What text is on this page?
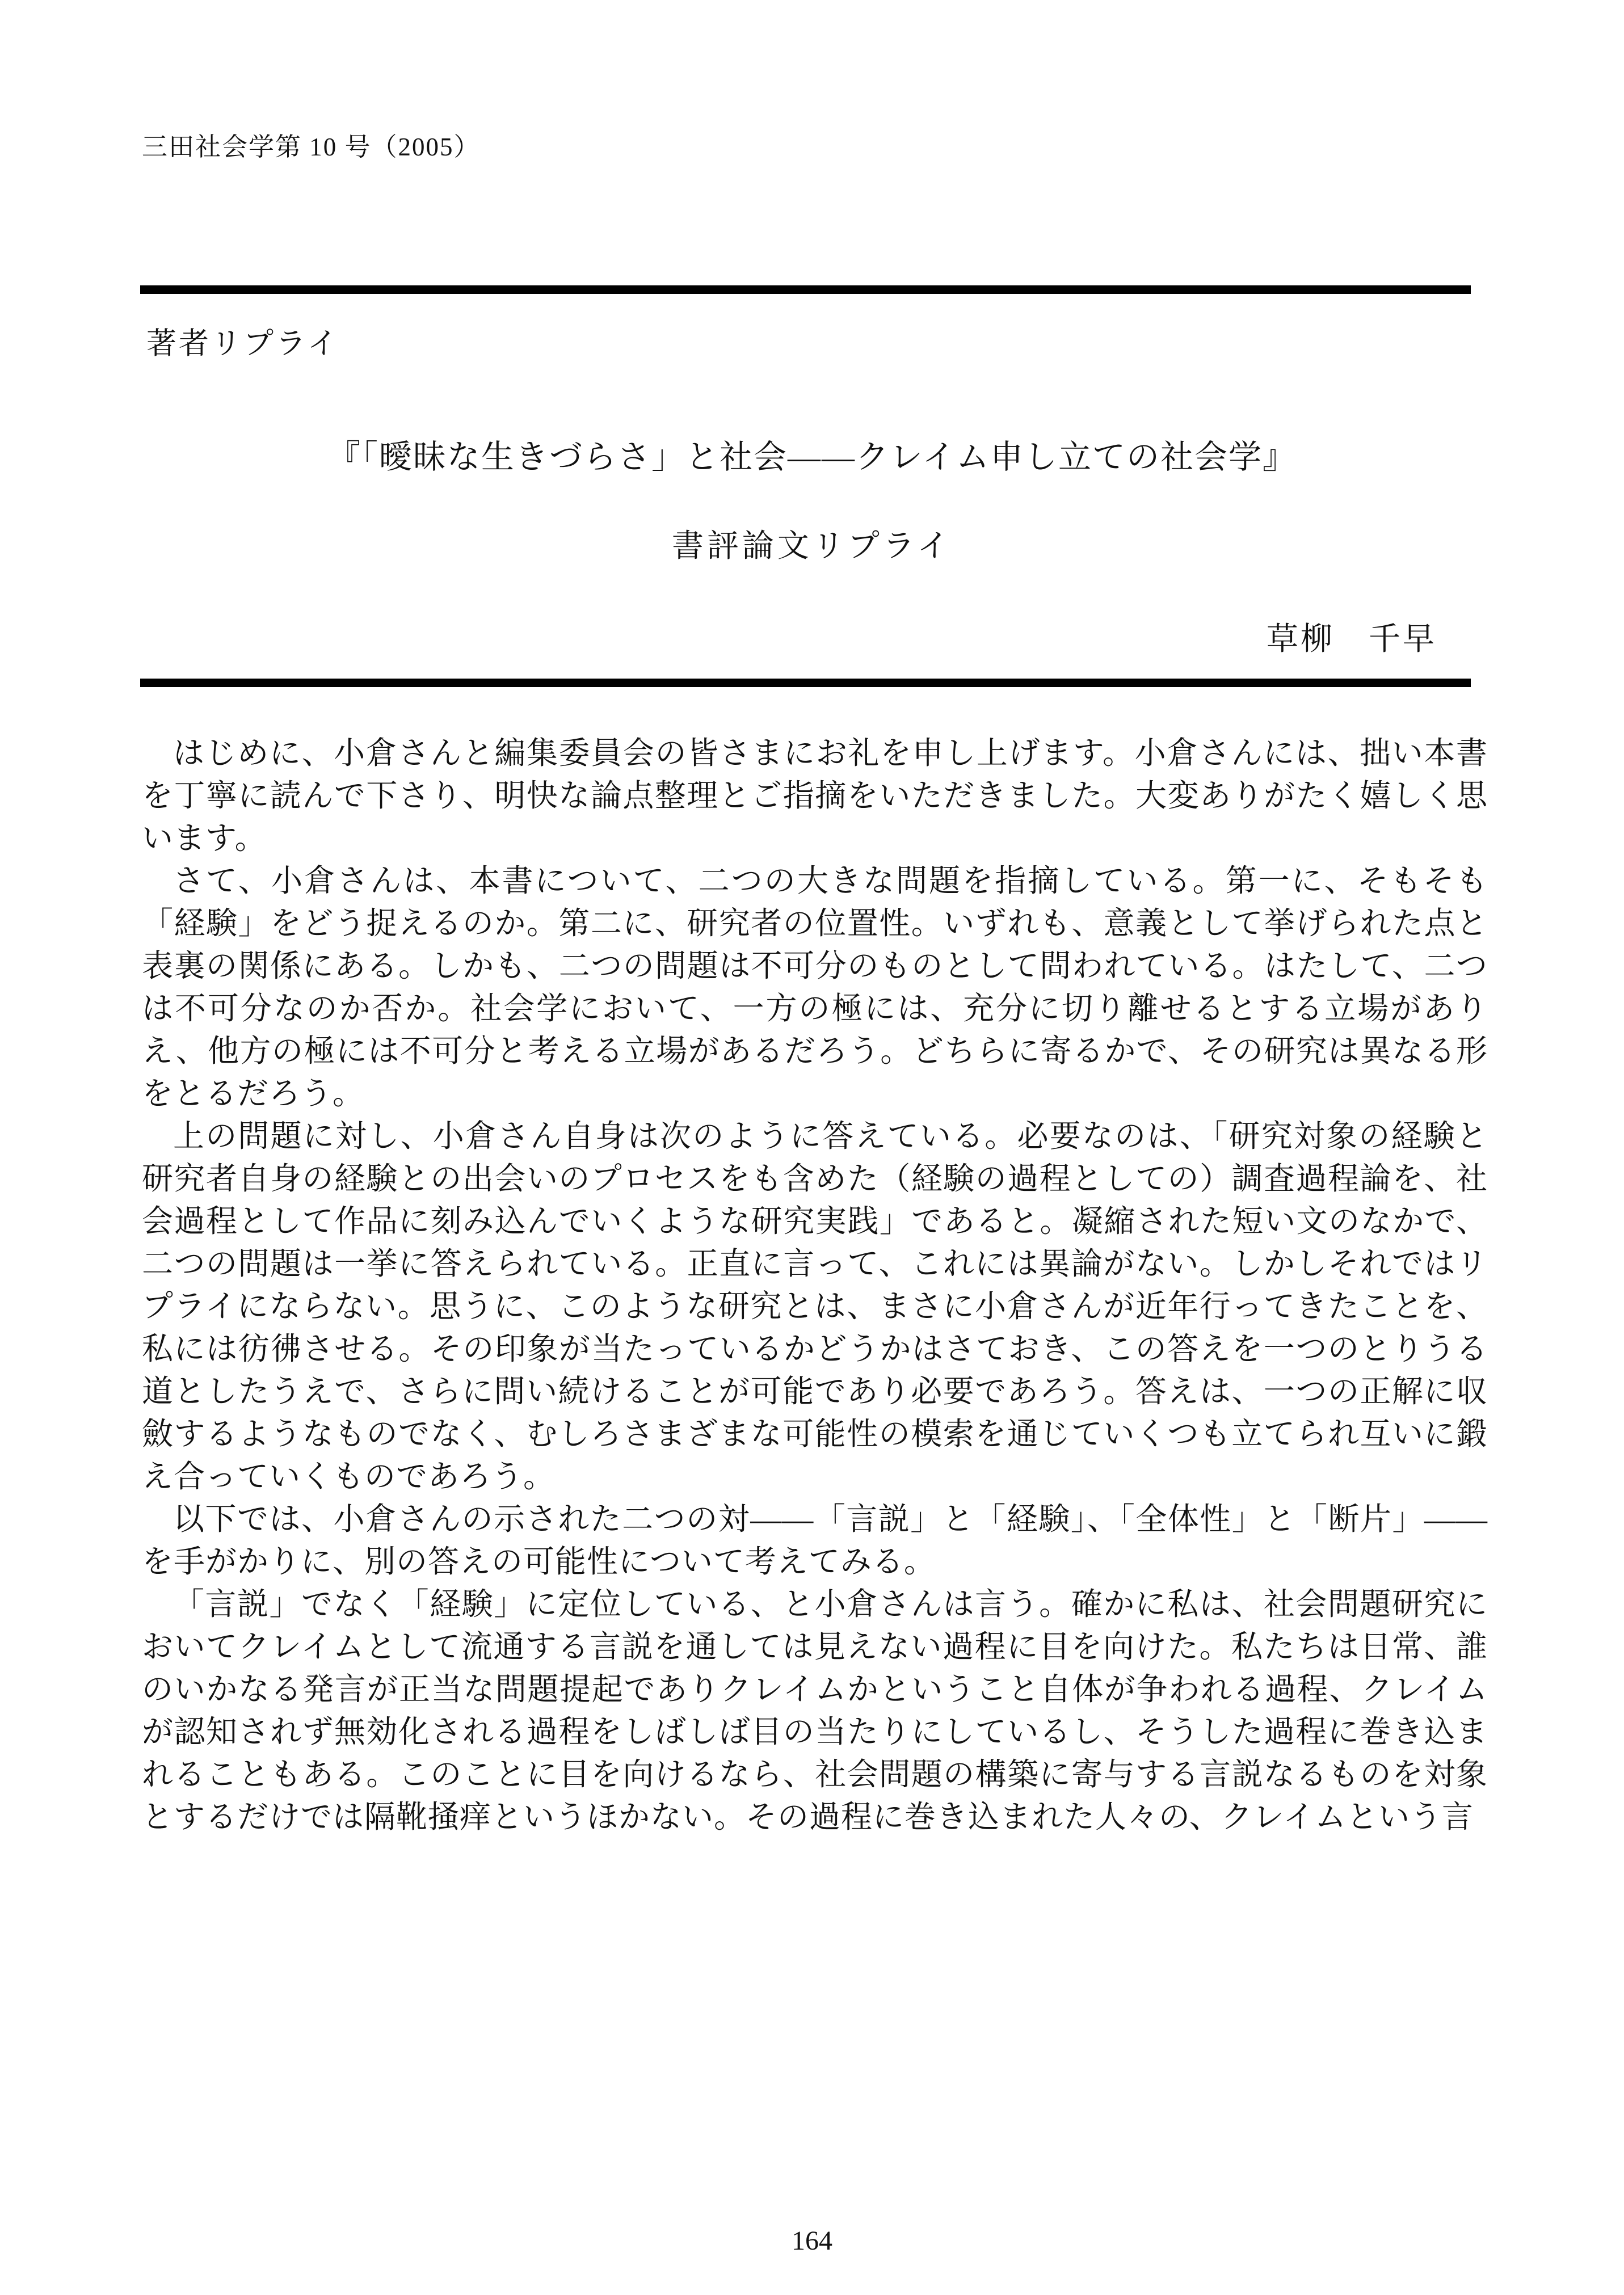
三田社会学第 10 号（2005）
著者リプライ
『「曖昧な生きづらさ」と社会――クレイム申し立ての社会学』
書評論文リプライ
草柳　千早

はじめに、小倉さんと編集委員会の皆さまにお礼を申し上げます。小倉さんには、拙い本書を丁寧に読んで下さり、明快な論点整理とご指摘をいただきました。大変ありがたく嬉しく思います。

さて、小倉さんは、本書について、二つの大きな問題を指摘している。第一に、そもそも「経験」をどう捉えるのか。第二に、研究者の位置性。いずれも、意義として挙げられた点と表裏の関係にある。しかも、二つの問題は不可分のものとして問われている。はたして、二つは不可分なのか否か。社会学において、一方の極には、充分に切り離せるとする立場がありえ、他方の極には不可分と考える立場があるだろう。どちらに寄るかで、その研究は異なる形をとるだろう。

上の問題に対し、小倉さん自身は次のように答えている。必要なのは、「研究対象の経験と研究者自身の経験との出会いのプロセスをも含めた（経験の過程としての）調査過程論を、社会過程として作品に刻み込んでいくような研究実践」であると。凝縮された短い文のなかで、二つの問題は一挙に答えられている。正直に言って、これには異論がない。しかしそれではリプライにならない。思うに、このような研究とは、まさに小倉さんが近年行ってきたことを、私には彷彿させる。その印象が当たっているかどうかはさておき、この答えを一つのとりうる道としたうえで、さらに問い続けることが可能であり必要であろう。答えは、一つの正解に収斂するようなものでなく、むしろさまざまな可能性の模索を通じていくつも立てられ互いに鍛え合っていくものであろう。

以下では、小倉さんの示された二つの対――「言説」と「経験」、「全体性」と「断片」――を手がかりに、別の答えの可能性について考えてみる。

「言説」でなく「経験」に定位している、と小倉さんは言う。確かに私は、社会問題研究においてクレイムとして流通する言説を通しては見えない過程に目を向けた。私たちは日常、誰のいかなる発言が正当な問題提起でありクレイムかということ自体が争われる過程、クレイムが認知されず無効化される過程をしばしば目の当たりにしているし、そうした過程に巻き込まれることもある。このことに目を向けるなら、社会問題の構築に寄与する言説なるものを対象とするだけでは隔靴掻痒というほかない。その過程に巻き込まれた人々の、クレイムという言

164
